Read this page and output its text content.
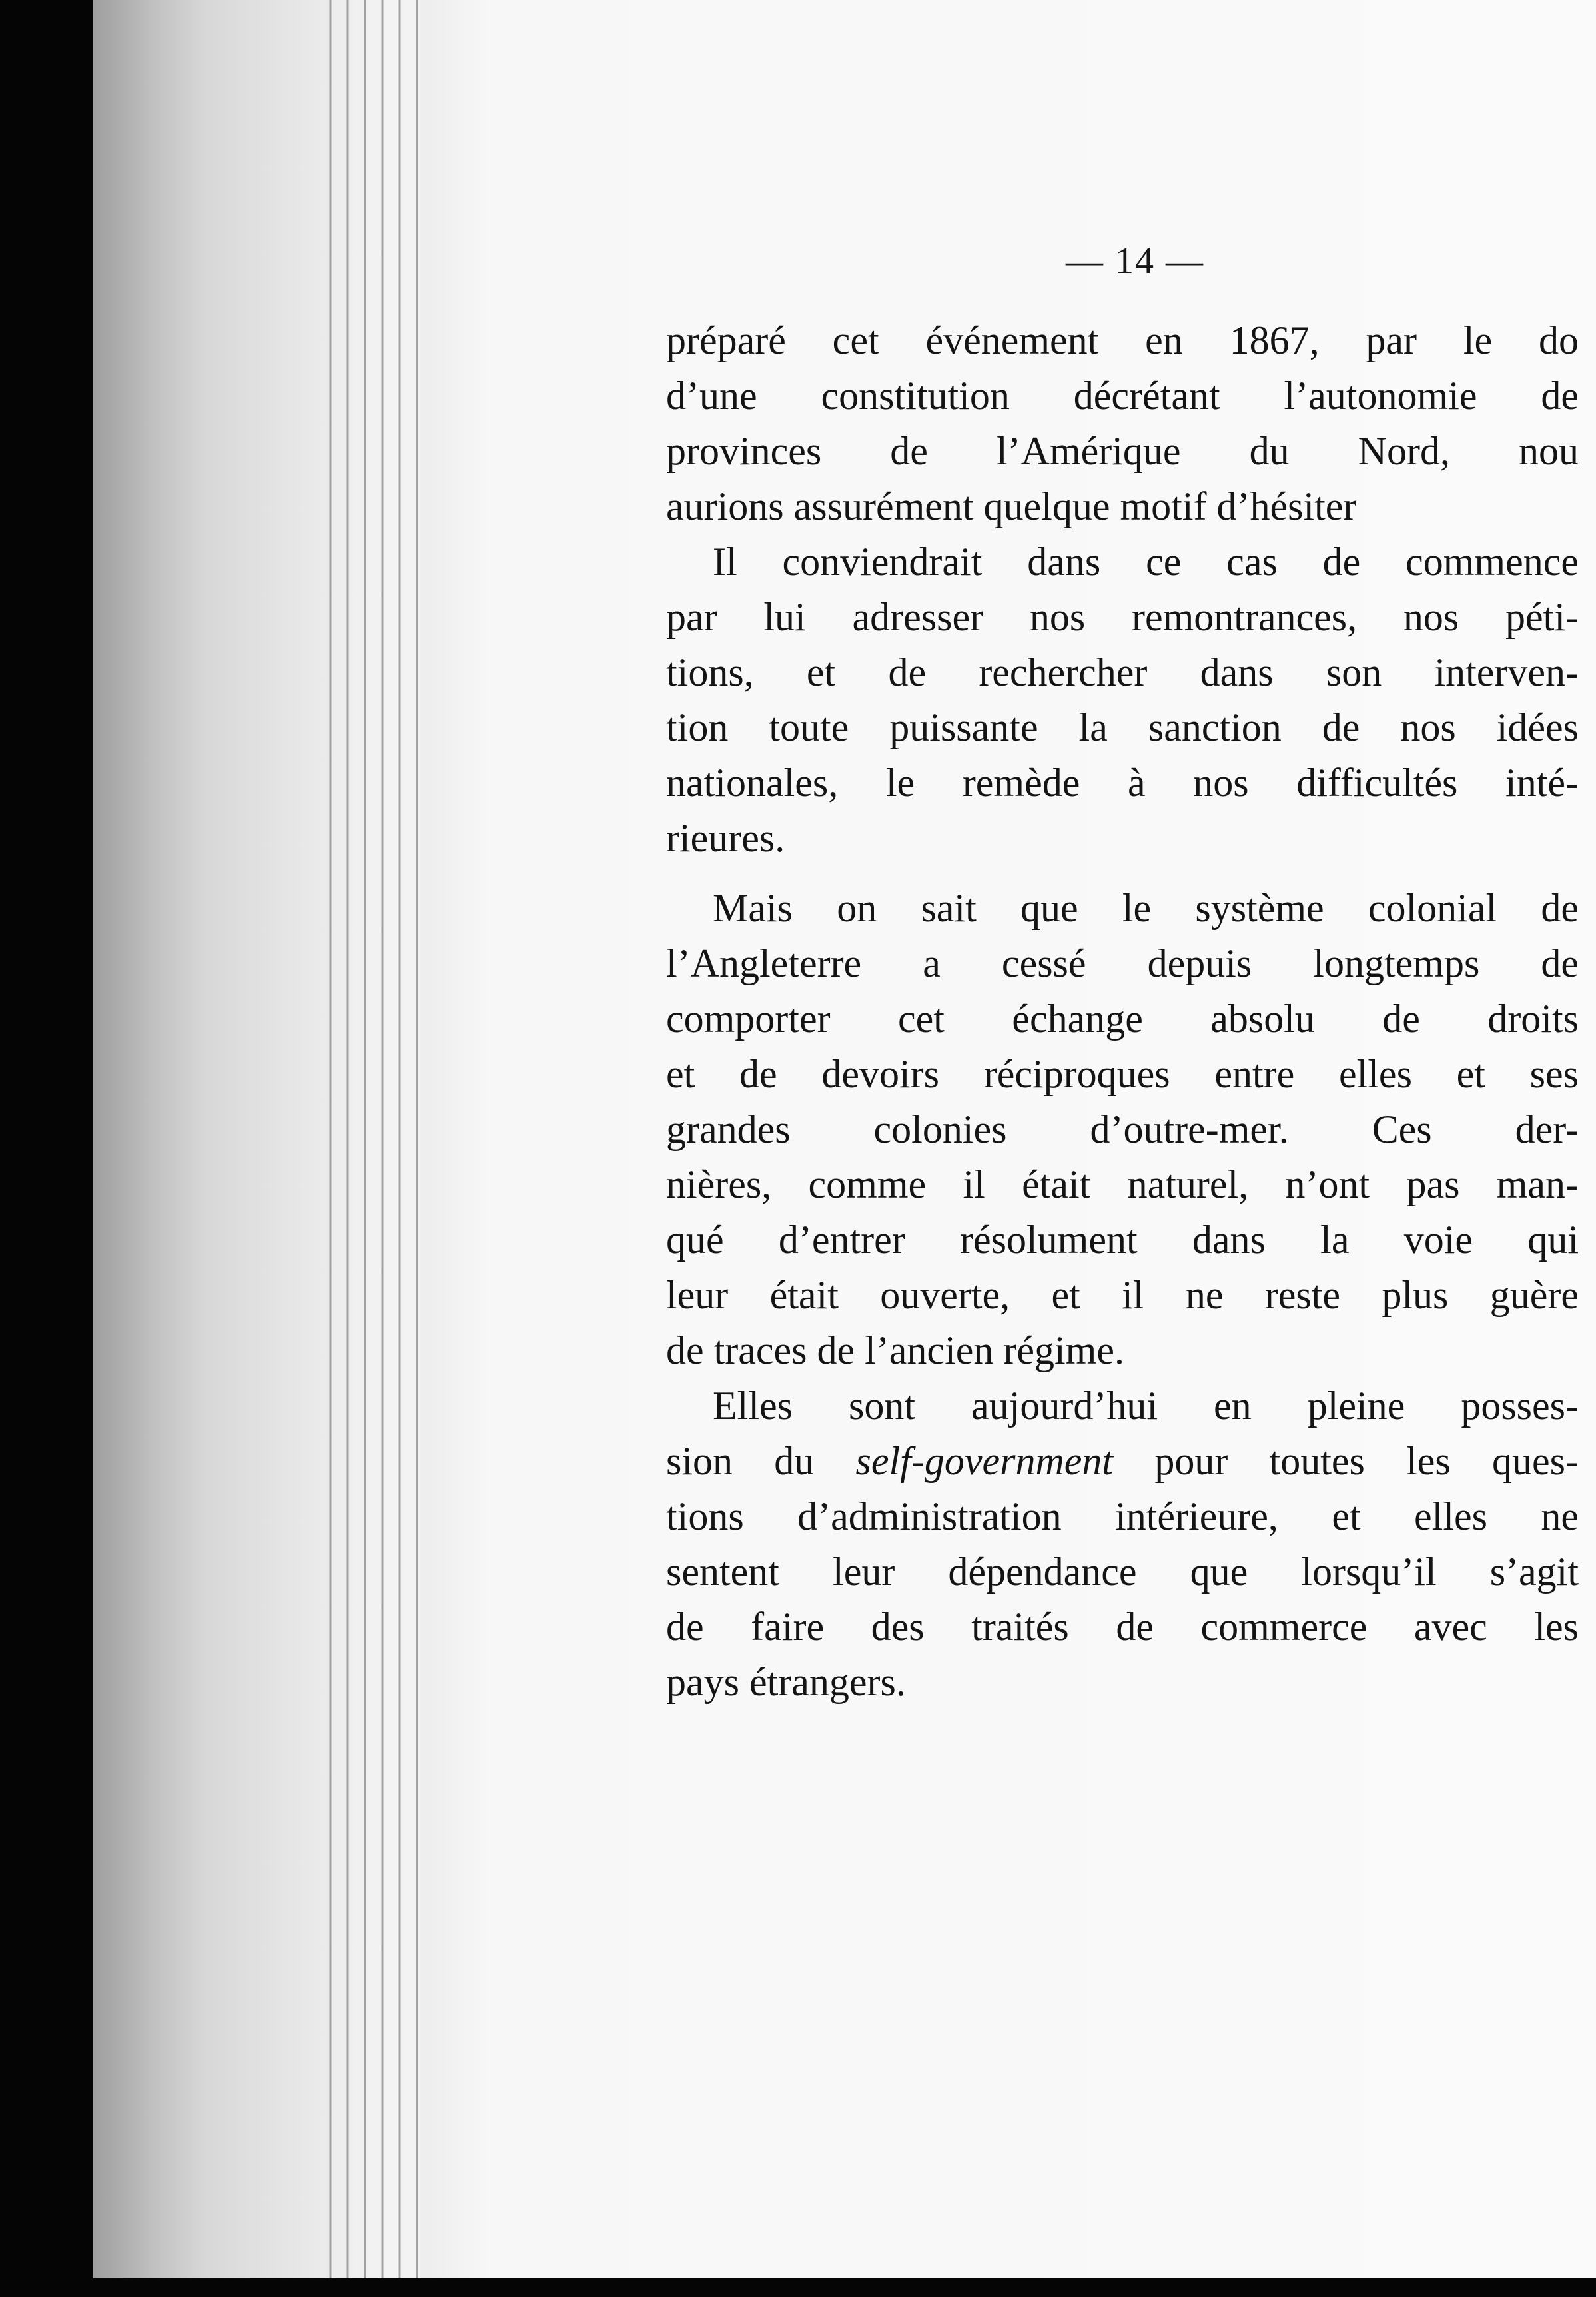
— 14 —
préparé cet événement en 1867, par le do
d’une constitution décrétant l’autonomie de
provinces de l’Amérique du Nord, nou
aurions assurément quelque motif d’hésiter
Il conviendrait dans ce cas de commence
par lui adresser nos remontrances, nos péti-
tions, et de rechercher dans son interven-
tion toute puissante la sanction de nos idées
nationales, le remède à nos difficultés inté-
rieures.
Mais on sait que le système colonial de
l’Angleterre a cessé depuis longtemps de
comporter cet échange absolu de droits
et de devoirs réciproques entre elles et ses
grandes colonies d’outre-mer. Ces der-
nières, comme il était naturel, n’ont pas man-
qué d’entrer résolument dans la voie qui
leur était ouverte, et il ne reste plus guère
de traces de l’ancien régime.
Elles sont aujourd’hui en pleine posses-
sion du self-government pour toutes les ques-
tions d’administration intérieure, et elles ne
sentent leur dépendance que lorsqu’il s’agit
de faire des traités de commerce avec les
pays étrangers.
